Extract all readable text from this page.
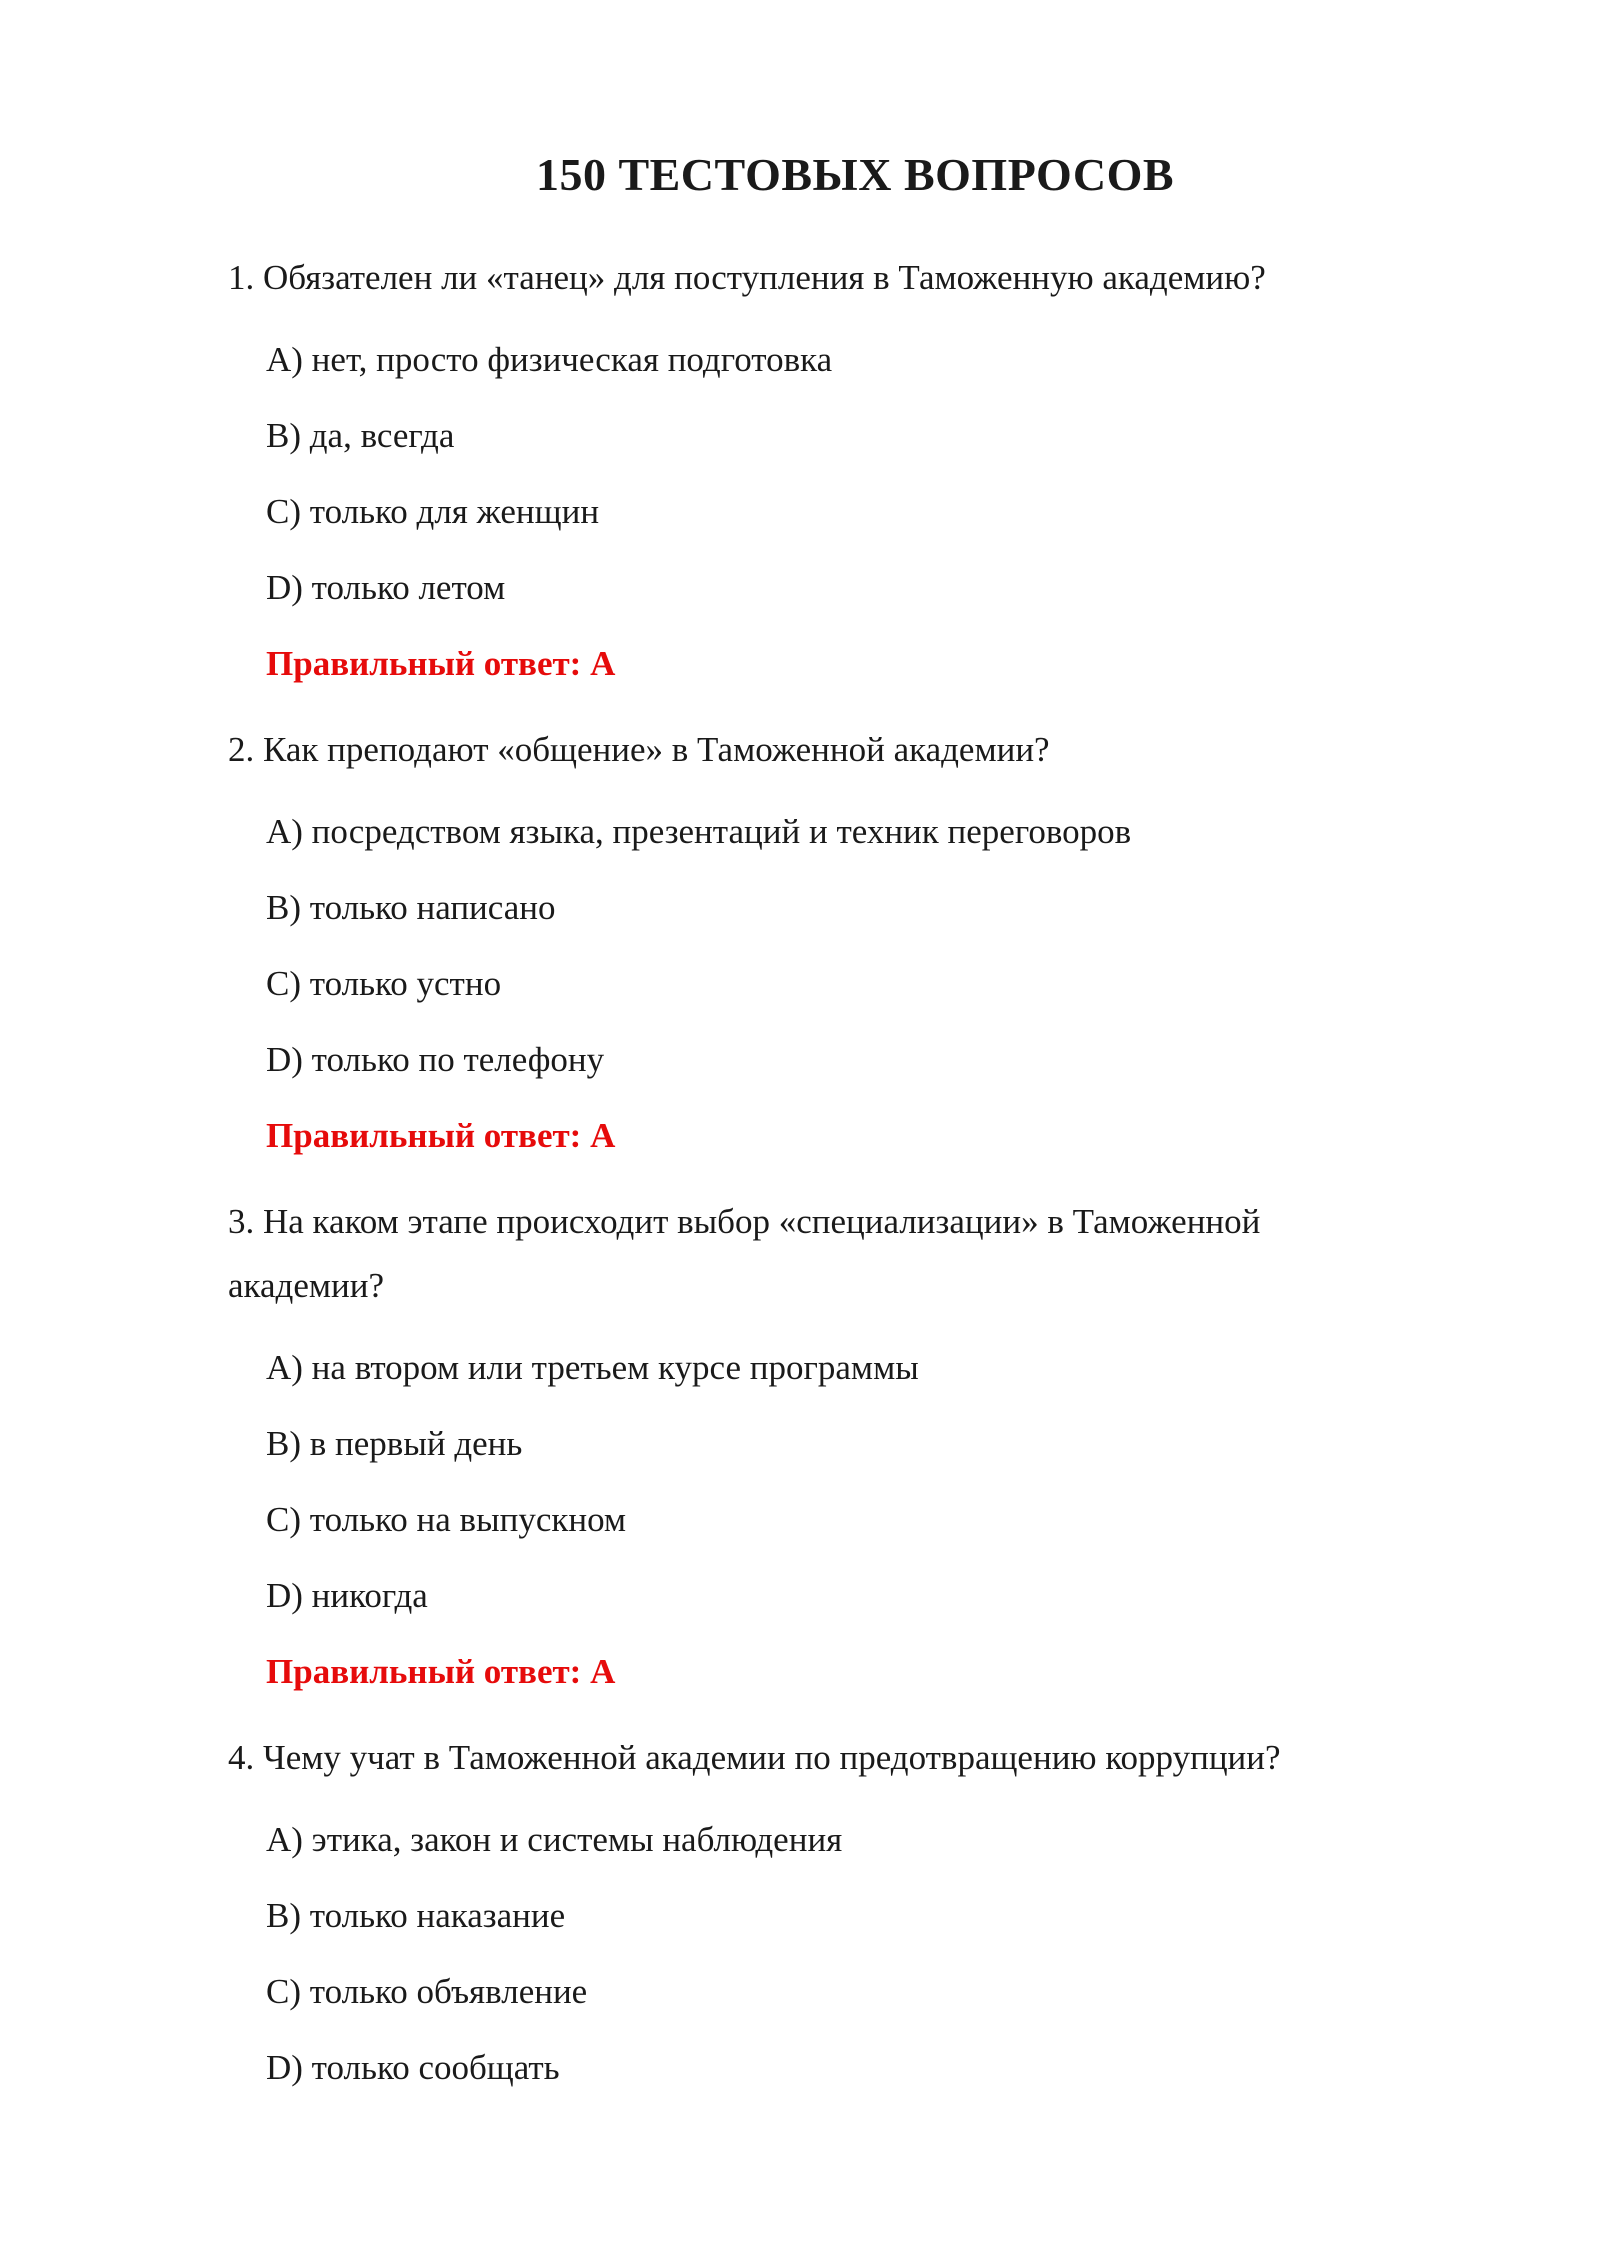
150 ТЕСТОВЫХ ВОПРОСОВ

1. Обязателен ли «танец» для поступления в Таможенную академию?

A) нет, просто физическая подготовка
B) да, всегда
C) только для женщин
D) только летом

Правильный ответ: A

2. Как преподают «общение» в Таможенной академии?

A) посредством языка, презентаций и техник переговоров
B) только написано
C) только устно
D) только по телефону

Правильный ответ: A

3. На каком этапе происходит выбор «специализации» в Таможенной академии?

A) на втором или третьем курсе программы
B) в первый день
C) только на выпускном
D) никогда

Правильный ответ: A

4. Чему учат в Таможенной академии по предотвращению коррупции?

A) этика, закон и системы наблюдения
B) только наказание
C) только объявление
D) только сообщать
